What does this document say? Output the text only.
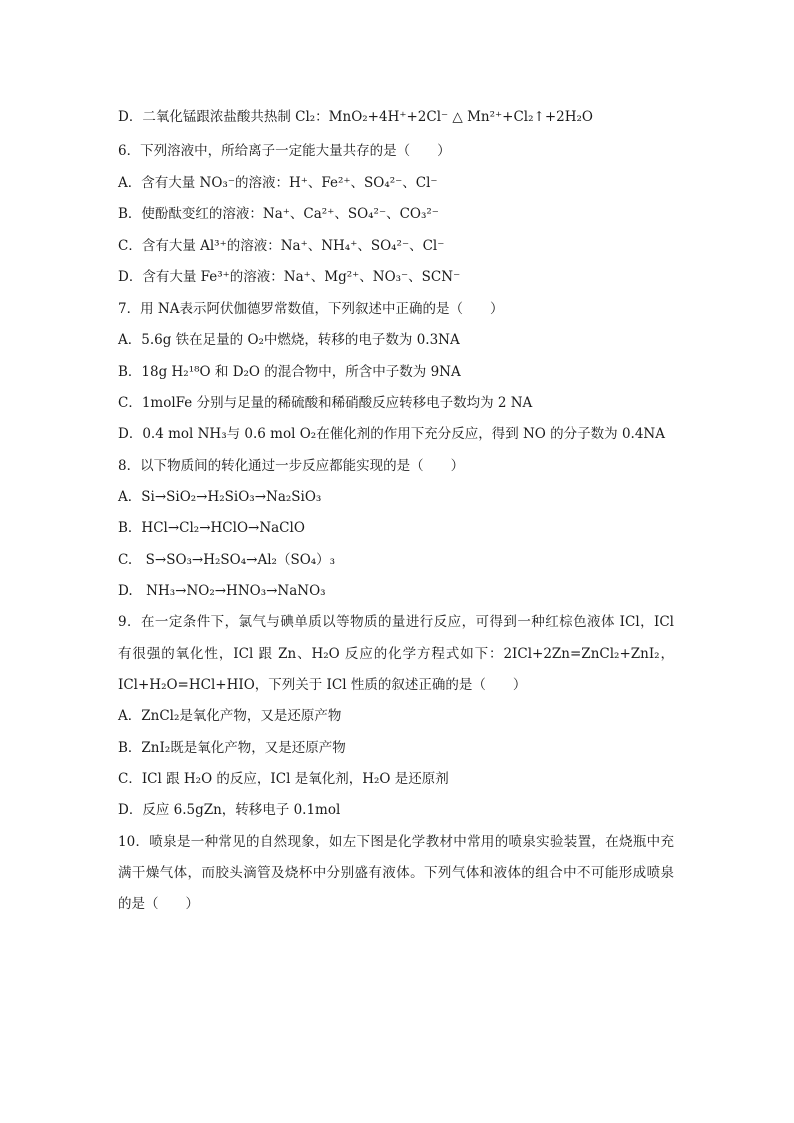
D．二氧化锰跟浓盐酸共热制 Cl₂：MnO₂+4H⁺+2Cl⁻ △ Mn²⁺+Cl₂↑+2H₂O
6．下列溶液中，所给离子一定能大量共存的是（　　）
A．含有大量 NO₃⁻的溶液：H⁺、Fe²⁺、SO₄²⁻、Cl⁻
B．使酚酞变红的溶液：Na⁺、Ca²⁺、SO₄²⁻、CO₃²⁻
C．含有大量 Al³⁺的溶液：Na⁺、NH₄⁺、SO₄²⁻、Cl⁻
D．含有大量 Fe³⁺的溶液：Na⁺、Mg²⁺、NO₃⁻、SCN⁻
7．用 NA表示阿伏伽德罗常数值，下列叙述中正确的是（　　）
A．5.6g 铁在足量的 O₂中燃烧，转移的电子数为 0.3NA
B．18g H₂¹⁸O 和 D₂O 的混合物中，所含中子数为 9NA
C．1molFe 分别与足量的稀硫酸和稀硝酸反应转移电子数均为 2 NA
D．0.4 mol NH₃与 0.6 mol O₂在催化剂的作用下充分反应，得到 NO 的分子数为 0.4NA
8．以下物质间的转化通过一步反应都能实现的是（　　）
A．Si→SiO₂→H₂SiO₃→Na₂SiO₃
B．HCl→Cl₂→HClO→NaClO
C.　S→SO₃→H₂SO₄→Al₂（SO₄）₃
D.　NH₃→NO₂→HNO₃→NaNO₃
9．在一定条件下，氯气与碘单质以等物质的量进行反应，可得到一种红棕色液体 ICl，ICl
有很强的氧化性，ICl 跟 Zn、H₂O 反应的化学方程式如下：2ICl+2Zn=ZnCl₂+ZnI₂，
ICl+H₂O=HCl+HIO，下列关于 ICl 性质的叙述正确的是（　　）
A．ZnCl₂是氧化产物，又是还原产物
B．ZnI₂既是氧化产物，又是还原产物
C．ICl 跟 H₂O 的反应，ICl 是氧化剂，H₂O 是还原剂
D．反应 6.5gZn，转移电子 0.1mol
10．喷泉是一种常见的自然现象，如左下图是化学教材中常用的喷泉实验装置，在烧瓶中充
满干燥气体，而胶头滴管及烧杯中分别盛有液体。下列气体和液体的组合中不可能形成喷泉
的是（　　）
